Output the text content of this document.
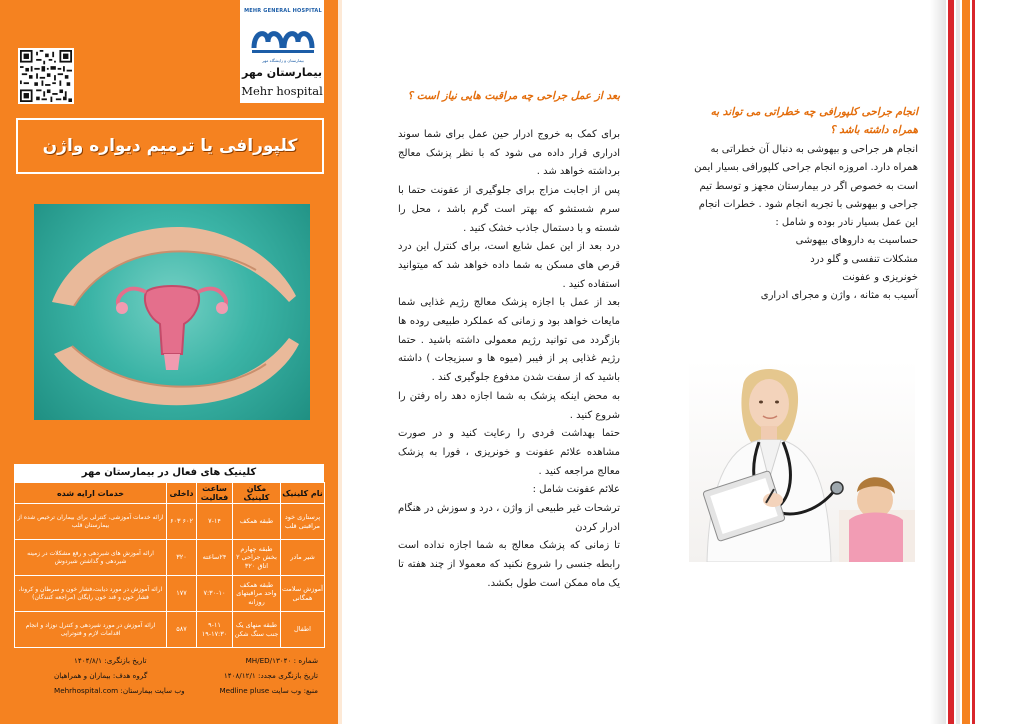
MEHR GENERAL HOSPITAL
بیمارستان و زایشگاه مهر
بیمارستان مهر
Mehr hospital
کلپورافی یا ترمیم دیواره واژن
کلینیک های فعال در بیمارستان مهر
نام کلینیک	مکان کلینیک	ساعت فعالیت	داخلی	خدمات ارایه شده
پرستاری خود مراقبتی قلب	طبقه همکف	۷-۱۴	۶۰۲ ۶۰۳	ارائه خدمات آموزشی، کنترلی برای بیماران ترخیص شده از بیمارستان قلب
شیر مادر	طبقه چهارم بخش جراحی ۲ اتاق ۳۲۰	۲۴ساعته	۳۲۰	ارائه آموزش های شیردهی و رفع مشکلات در زمینه شیردهی و گذاشتن شیردوش
آموزش سلامت همگانی	طبقه همکف واحد مراقبتهای روزانه	۷:۳۰-۱۰	۱۷۷	ارائه آموزش در مورد دیابت،فشار خون و سرطان و کرونا، فشار خون و قند خون رایگان (مراجعه کنندگان)
اطفال	طبقه منهای یک جنب سنگ شکن	۹-۱۱ ۱۹-۱۷:۳۰	۵۸۷	ارائه آموزش در مورد شیردهی و کنترل نوزاد و انجام اقدامات لازم و فتوتراپی
شماره : MH/ED/۱۳۰۴۰
تاریخ بازنگری: ۱۴۰۴/۸/۱
تاریخ بازنگری مجدد: ۱۴۰۸/۱۲/۱
گروه هدف: بیماران و همراهیان
منبع: وب سایت Medline pluse
وب سایت بیمارستان: Mehrhospital.com
بعد از عمل جراحی چه مراقبت هایی نیاز است ؟

برای کمک به خروج ادرار حین عمل برای شما سوند ادراری قرار داده می شود که با نظر پزشک معالج برداشته خواهد شد .

پس از اجابت مزاج برای جلوگیری از عفونت حتما با سرم شستشو که بهتر است گرم باشد ، محل را شسته و با دستمال جاذب خشک کنید .

درد بعد از این عمل شایع است، برای کنترل این درد قرص های مسکن به شما داده خواهد شد که میتوانید استفاده کنید .

بعد از عمل با اجازه پزشک معالج رژیم غذایی شما مایعات خواهد بود و زمانی که عملکرد طبیعی روده ها بازگردد می توانید رژیم معمولی داشته باشید . حتما رژیم غذایی پر از فیبر (میوه ها و سبزیجات ) داشته باشید که از سفت شدن مدفوع جلوگیری کند .

به محض اینکه پزشک به شما اجازه دهد راه رفتن را شروع کنید .

حتما بهداشت فردی را رعایت کنید و در صورت مشاهده علائم عفونت و خونریزی ، فورا به پزشک معالج مراجعه کنید .

علائم عفونت شامل :

ترشحات غیر طبیعی از واژن ، درد و سوزش در هنگام ادرار کردن

تا زمانی که پزشک معالج به شما اجازه نداده است رابطه جنسی را شروع نکنید که معمولا از چند هفته تا یک ماه ممکن است طول بکشد.

انجام جراحی کلپورافی چه خطراتی می تواند به همراه داشته باشد ؟

انجام هر جراحی و بیهوشی به دنبال آن خطراتی به همراه دارد. امروزه انجام جراحی کلپورافی بسیار ایمن است به خصوص اگر در بیمارستان مجهز و توسط تیم جراحی و بیهوشی با تجربه انجام شود . خطرات انجام این عمل بسیار نادر بوده و شامل :

حساسیت به داروهای بیهوشی

مشکلات تنفسی و گلو درد

خونریزی و عفونت

آسیب به مثانه ، واژن و مجرای ادراری
